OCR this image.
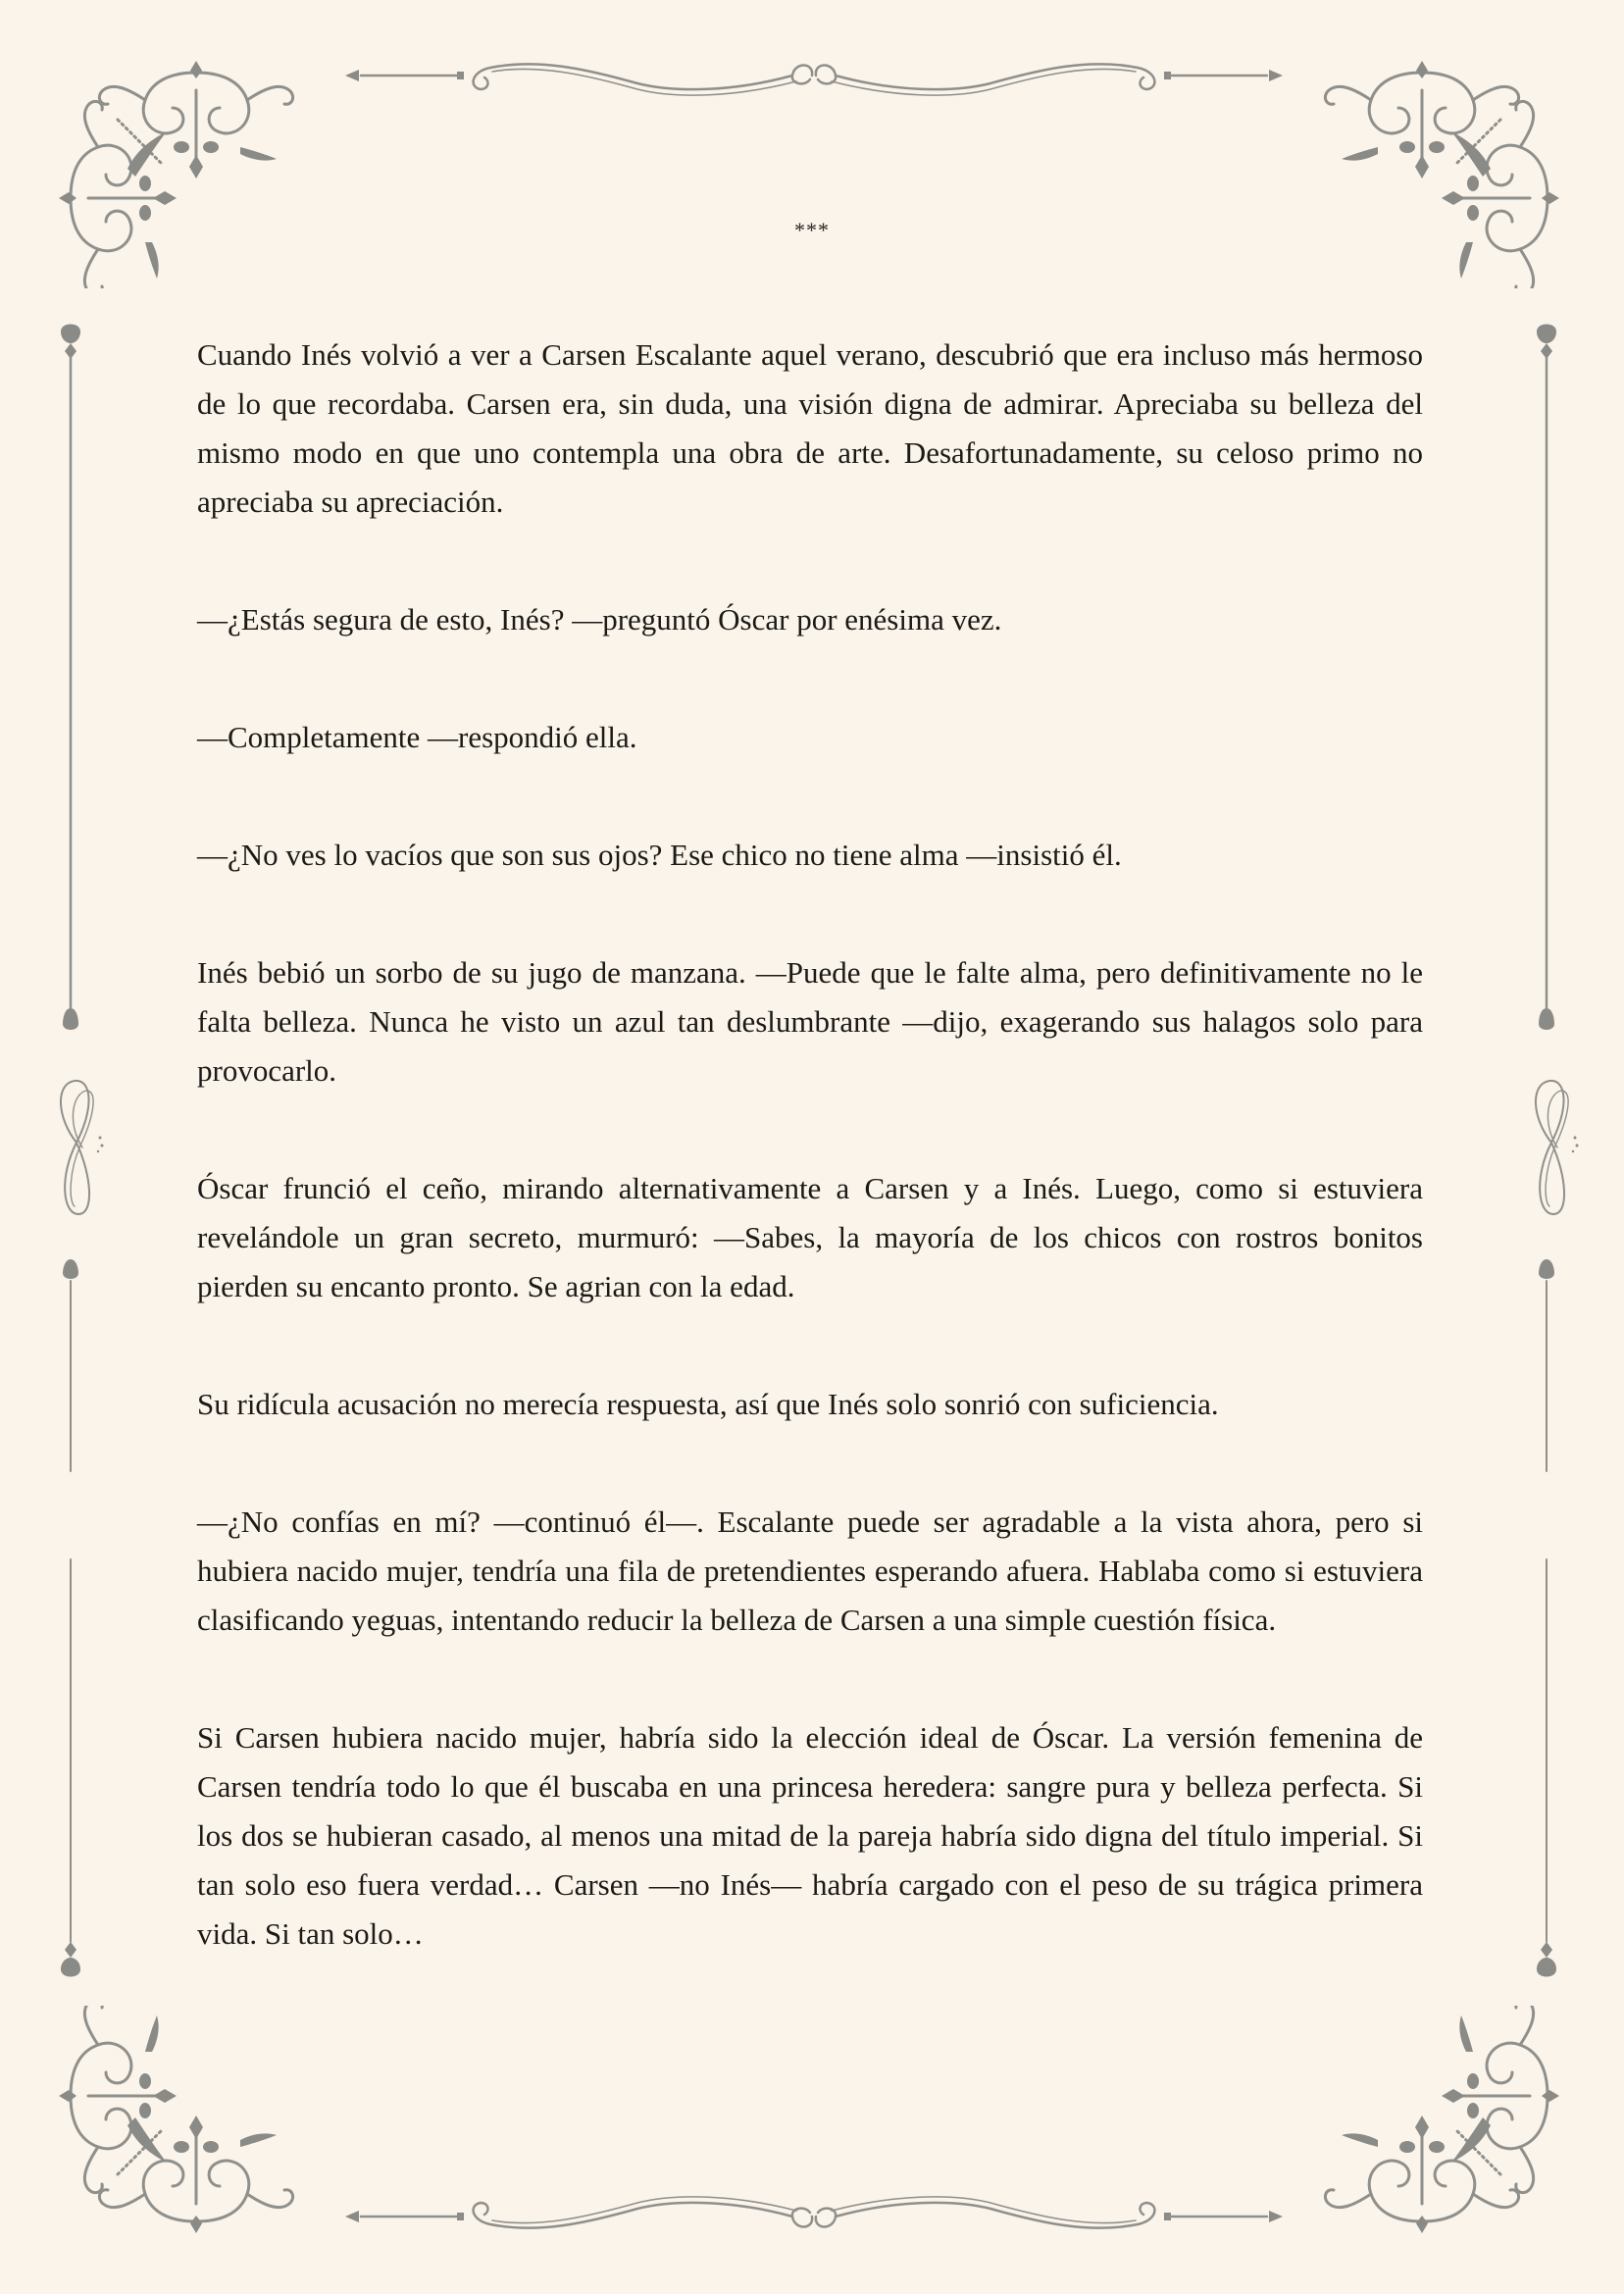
***

Cuando Inés volvió a ver a Carsen Escalante aquel verano, descubrió que era incluso más hermoso de lo que recordaba. Carsen era, sin duda, una visión digna de admirar. Apreciaba su belleza del mismo modo en que uno contempla una obra de arte. Desafortunadamente, su celoso primo no apreciaba su apreciación.

—¿Estás segura de esto, Inés? —preguntó Óscar por enésima vez.

—Completamente —respondió ella.

—¿No ves lo vacíos que son sus ojos? Ese chico no tiene alma —insistió él.

Inés bebió un sorbo de su jugo de manzana. —Puede que le falte alma, pero definitivamente no le falta belleza. Nunca he visto un azul tan deslumbrante —dijo, exagerando sus halagos solo para provocarlo.

Óscar frunció el ceño, mirando alternativamente a Carsen y a Inés. Luego, como si estuviera revelándole un gran secreto, murmuró: —Sabes, la mayoría de los chicos con rostros bonitos pierden su encanto pronto. Se agrian con la edad.

Su ridícula acusación no merecía respuesta, así que Inés solo sonrió con suficiencia.

—¿No confías en mí? —continuó él—. Escalante puede ser agradable a la vista ahora, pero si hubiera nacido mujer, tendría una fila de pretendientes esperando afuera. Hablaba como si estuviera clasificando yeguas, intentando reducir la belleza de Carsen a una simple cuestión física.

Si Carsen hubiera nacido mujer, habría sido la elección ideal de Óscar. La versión femenina de Carsen tendría todo lo que él buscaba en una princesa heredera: sangre pura y belleza perfecta. Si los dos se hubieran casado, al menos una mitad de la pareja habría sido digna del título imperial. Si tan solo eso fuera verdad… Carsen —no Inés— habría cargado con el peso de su trágica primera vida. Si tan solo…
